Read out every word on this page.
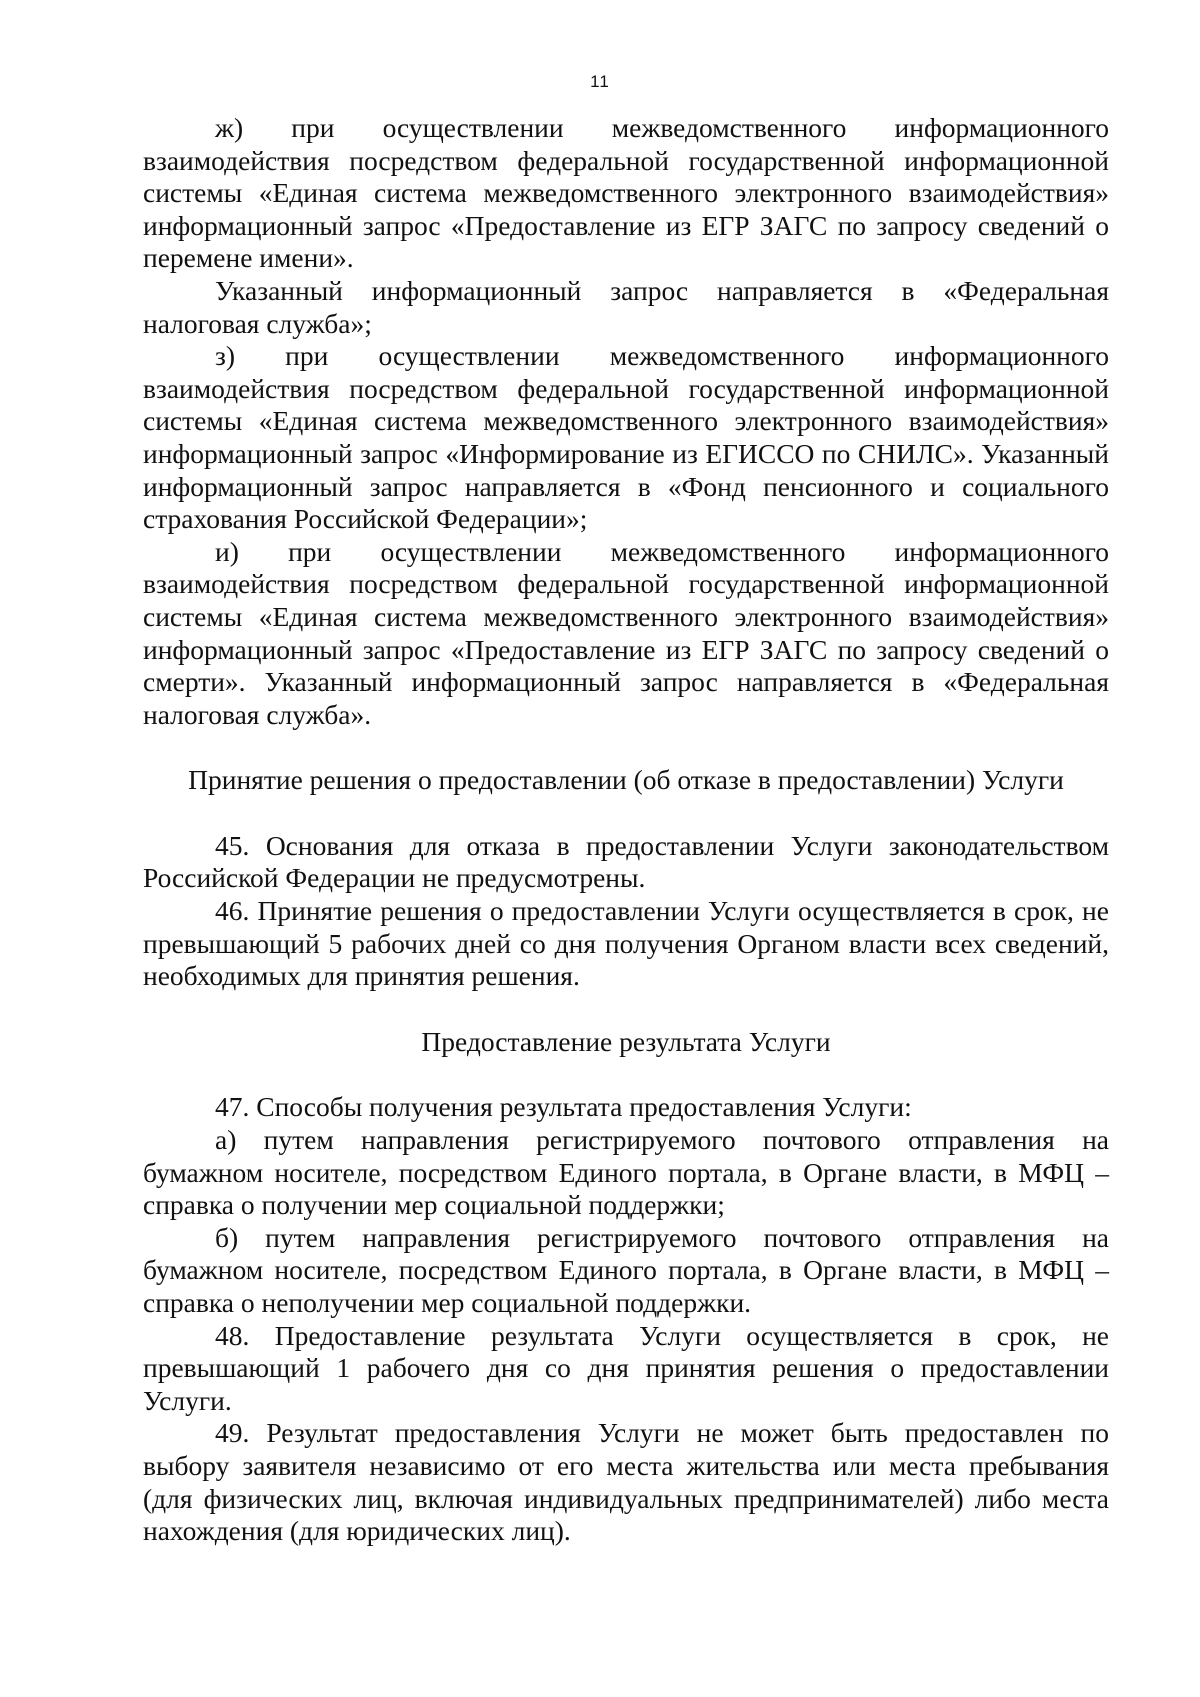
11

ж) при осуществлении межведомственного информационного взаимодействия посредством федеральной государственной информационной системы «Единая система межведомственного электронного взаимодействия» информационный запрос «Предоставление из ЕГР ЗАГС по запросу сведений о перемене имени».

Указанный информационный запрос направляется в «Федеральная налоговая служба»;

з) при осуществлении межведомственного информационного взаимодействия посредством федеральной государственной информационной системы «Единая система межведомственного электронного взаимодействия» информационный запрос «Информирование из ЕГИССО по СНИЛС». Указанный информационный запрос направляется в «Фонд пенсионного и социального страхования Российской Федерации»;

и) при осуществлении межведомственного информационного взаимодействия посредством федеральной государственной информационной системы «Единая система межведомственного электронного взаимодействия» информационный запрос «Предоставление из ЕГР ЗАГС по запросу сведений о смерти». Указанный информационный запрос направляется в «Федеральная налоговая служба».

Принятие решения о предоставлении (об отказе в предоставлении) Услуги

45. Основания для отказа в предоставлении Услуги законодательством Российской Федерации не предусмотрены.

46. Принятие решения о предоставлении Услуги осуществляется в срок, не превышающий 5 рабочих дней со дня получения Органом власти всех сведений, необходимых для принятия решения.

Предоставление результата Услуги

47. Способы получения результата предоставления Услуги:

а) путем направления регистрируемого почтового отправления на бумажном носителе, посредством Единого портала, в Органе власти, в МФЦ – справка о получении мер социальной поддержки;

б) путем направления регистрируемого почтового отправления на бумажном носителе, посредством Единого портала, в Органе власти, в МФЦ – справка о неполучении мер социальной поддержки.

48. Предоставление результата Услуги осуществляется в срок, не превышающий 1 рабочего дня со дня принятия решения о предоставлении Услуги.

49. Результат предоставления Услуги не может быть предоставлен по выбору заявителя независимо от его места жительства или места пребывания (для физических лиц, включая индивидуальных предпринимателей) либо места нахождения (для юридических лиц).
